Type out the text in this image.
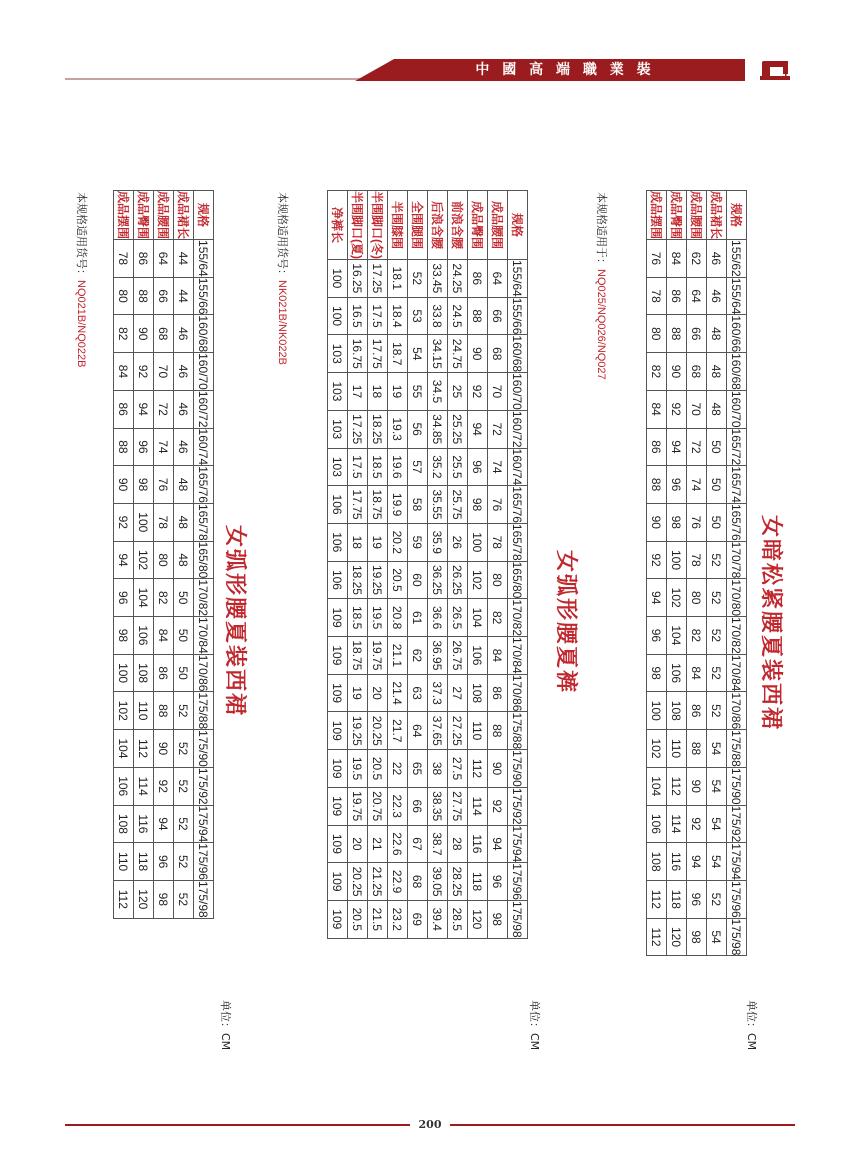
中 國 高 端 職 業 裝
规格	155/62	155/64	160/66	160/68	160/70	165/72	165/74	165/76	170/78	170/80	170/82	170/84	170/86	175/88	175/90	175/92	175/94	175/96	175/98
成品裙长	46	46	48	48	48	50	50	50	52	52	52	52	52	54	54	54	54	52	54
成品腰围	62	64	66	68	70	72	74	76	78	80	82	84	86	88	90	92	94	96	98
成品臀围	84	86	88	90	92	94	96	98	100	102	104	106	108	110	112	114	116	118	120
成品摆围	76	78	80	82	84	86	88	90	92	94	96	98	100	102	104	106	108	112	112
本规格适用于：NQ025/NQ026/NQ027
女暗松紧腰夏装西裙
单位：CM
规格	155/64	155/66	160/68	160/70	160/72	160/74	165/76	165/78	165/80	170/82	170/84	170/86	175/88	175/90	175/92	175/94	175/96	175/98
成品腰围	64	66	68	70	72	74	76	78	80	82	84	86	88	90	92	94	96	98
成品臀围	86	88	90	92	94	96	98	100	102	104	106	108	110	112	114	116	118	120
前浪含腰	24.25	24.5	24.75	25	25.25	25.5	25.75	26	26.25	26.5	26.75	27	27.25	27.5	27.75	28	28.25	28.5
后浪含腰	33.45	33.8	34.15	34.5	34.85	35.2	35.55	35.9	36.25	36.6	36.95	37.3	37.65	38	38.35	38.7	39.05	39.4
全围腿围	52	53	54	55	56	57	58	59	60	61	62	63	64	65	66	67	68	69
半围膝围	18.1	18.4	18.7	19	19.3	19.6	19.9	20.2	20.5	20.8	21.1	21.4	21.7	22	22.3	22.6	22.9	23.2
半围脚口(冬)	17.25	17.5	17.75	18	18.25	18.5	18.75	19	19.25	19.5	19.75	20	20.25	20.5	20.75	21	21.25	21.5
半围脚口(夏)	16.25	16.5	16.75	17	17.25	17.5	17.75	18	18.25	18.5	18.75	19	19.25	19.5	19.75	20	20.25	20.5
净裤长	100	100	103	103	103	103	106	106	106	109	109	109	109	109	109	109	109	109
本规格适用货号：NK021B/NK022B
女弧形腰夏裤
单位：CM
规格	155/64	155/66	160/68	160/70	160/72	160/74	165/76	165/78	165/80	170/82	170/84	170/86	175/88	175/90	175/92	175/94	175/96	175/98
成品裙长	44	44	46	46	46	46	48	48	48	50	50	50	52	52	52	52	52	52
成品腰围	64	66	68	70	72	74	76	78	80	82	84	86	88	90	92	94	96	98
成品臀围	86	88	90	92	94	96	98	100	102	104	106	108	110	112	114	116	118	120
成品摆围	78	80	82	84	86	88	90	92	94	96	98	100	102	104	106	108	110	112
本规格适用货号：NQ021B/NQ022B
女弧形腰夏装西裙
单位：CM
200
